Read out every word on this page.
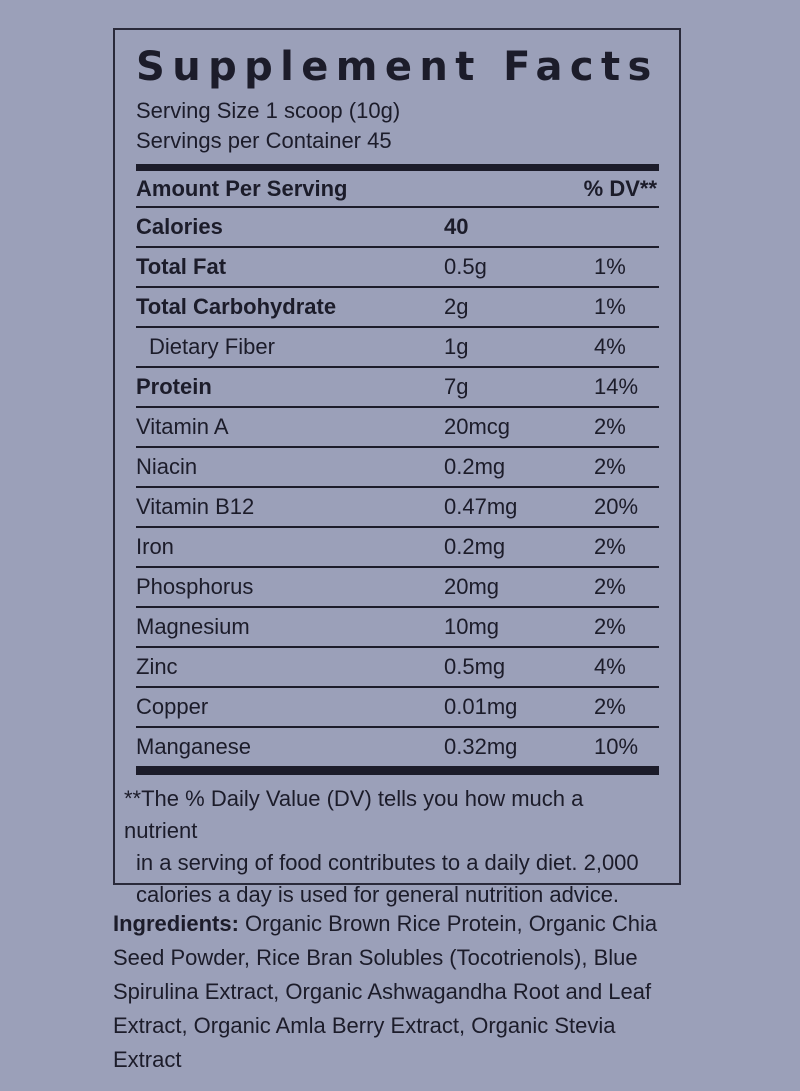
Supplement Facts
Serving Size 1 scoop (10g)
Servings per Container 45
Amount Per Serving	% DV**
Calories	40
Total Fat	0.5g	1%
Total Carbohydrate	2g	1%
Dietary Fiber	1g	4%
Protein	7g	14%
Vitamin A	20mcg	2%
Niacin	0.2mg	2%
Vitamin B12	0.47mg	20%
Iron	0.2mg	2%
Phosphorus	20mg	2%
Magnesium	10mg	2%
Zinc	0.5mg	4%
Copper	0.01mg	2%
Manganese	0.32mg	10%
**The % Daily Value (DV) tells you how much a nutrient
in a serving of food contributes to a daily diet. 2,000
calories a day is used for general nutrition advice.
Ingredients: Organic Brown Rice Protein, Organic Chia Seed Powder, Rice Bran Solubles (Tocotrienols), Blue Spirulina Extract, Organic Ashwagandha Root and Leaf Extract, Organic Amla Berry Extract, Organic Stevia Extract
